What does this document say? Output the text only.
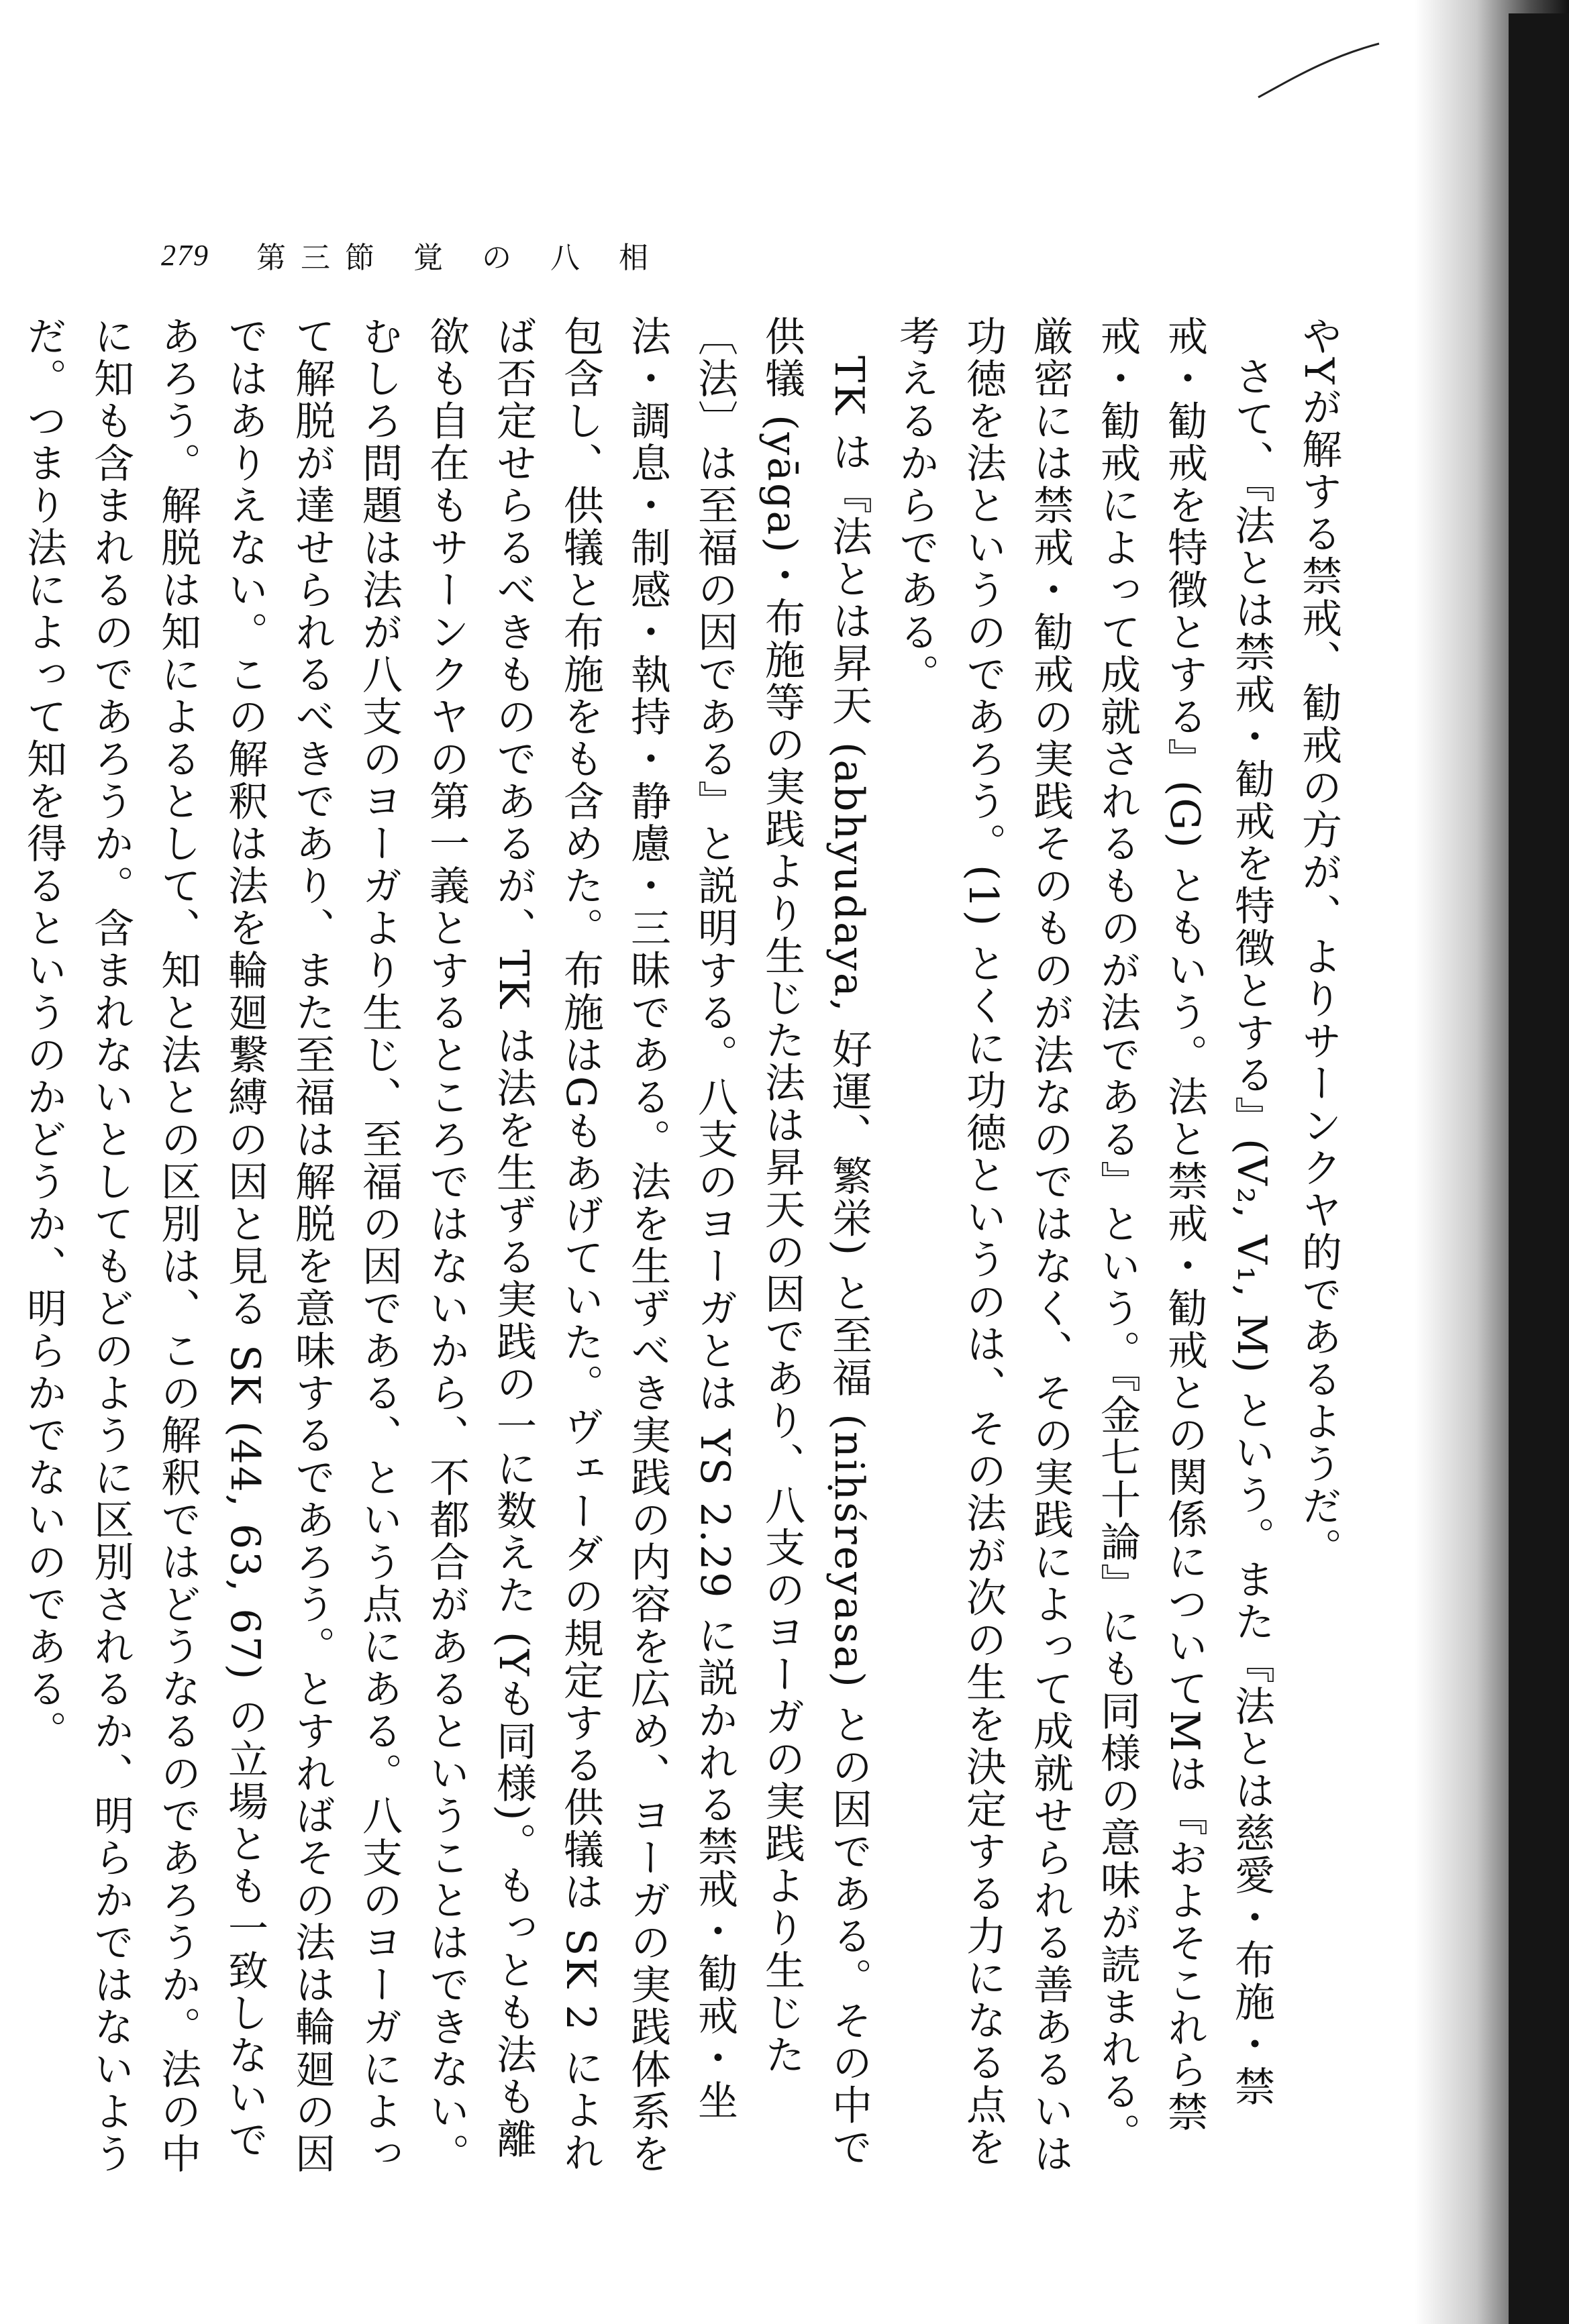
279 第三節 覚 の 八 相

やYが解する禁戒、勧戒の方が、よりサーンクヤ的であるようだ。

さて、『法とは禁戒・勧戒を特徴とする』(V₂, V₁, M) という。また『法とは慈愛・布施・禁戒・勧戒を特徴とする』(G) ともいう。法と禁戒・勧戒との関係についてMは『およそこれら禁戒・勧戒によって成就されるものが法である』という。『金七十論』にも同様の意味が読まれる。厳密には禁戒・勧戒の実践そのものが法なのではなく、その実践によって成就せられる善あるいは功徳を法というのであろう。(1) とくに功徳というのは、その法が次の生を決定する力になる点を考えるからである。

TK は『法とは昇天 (abhyudaya, 好運、繁栄) と至福 (niḥśreyasa) との因である。その中で供犠 (yāga)・布施等の実践より生じた法は昇天の因であり、八支のヨーガの実践より生じた〔法〕は至福の因である』と説明する。八支のヨーガとは YS 2.29 に説かれる禁戒・勧戒・坐法・調息・制感・執持・静慮・三昧である。法を生ずべき実践の内容を広め、ヨーガの実践体系を包含し、供犠と布施をも含めた。布施はGもあげていた。ヴェーダの規定する供犠は SK 2 によれば否定せらるべきものであるが、TK は法を生ずる実践の一に数えた (Yも同様)。もっとも法も離欲も自在もサーンクヤの第一義とするところではないから、不都合があるということはできない。むしろ問題は法が八支のヨーガより生じ、至福の因である、という点にある。八支のヨーガによって解脱が達せられるべきであり、また至福は解脱を意味するであろう。とすればその法は輪廻の因ではありえない。この解釈は法を輪廻繋縛の因と見る SK (44, 63, 67) の立場とも一致しないであろう。解脱は知によるとして、知と法との区別は、この解釈ではどうなるのであろうか。法の中に知も含まれるのであろうか。含まれないとしてもどのように区別されるか、明らかではないようだ。つまり法によって知を得るというのかどうか、明らかでないのである。
